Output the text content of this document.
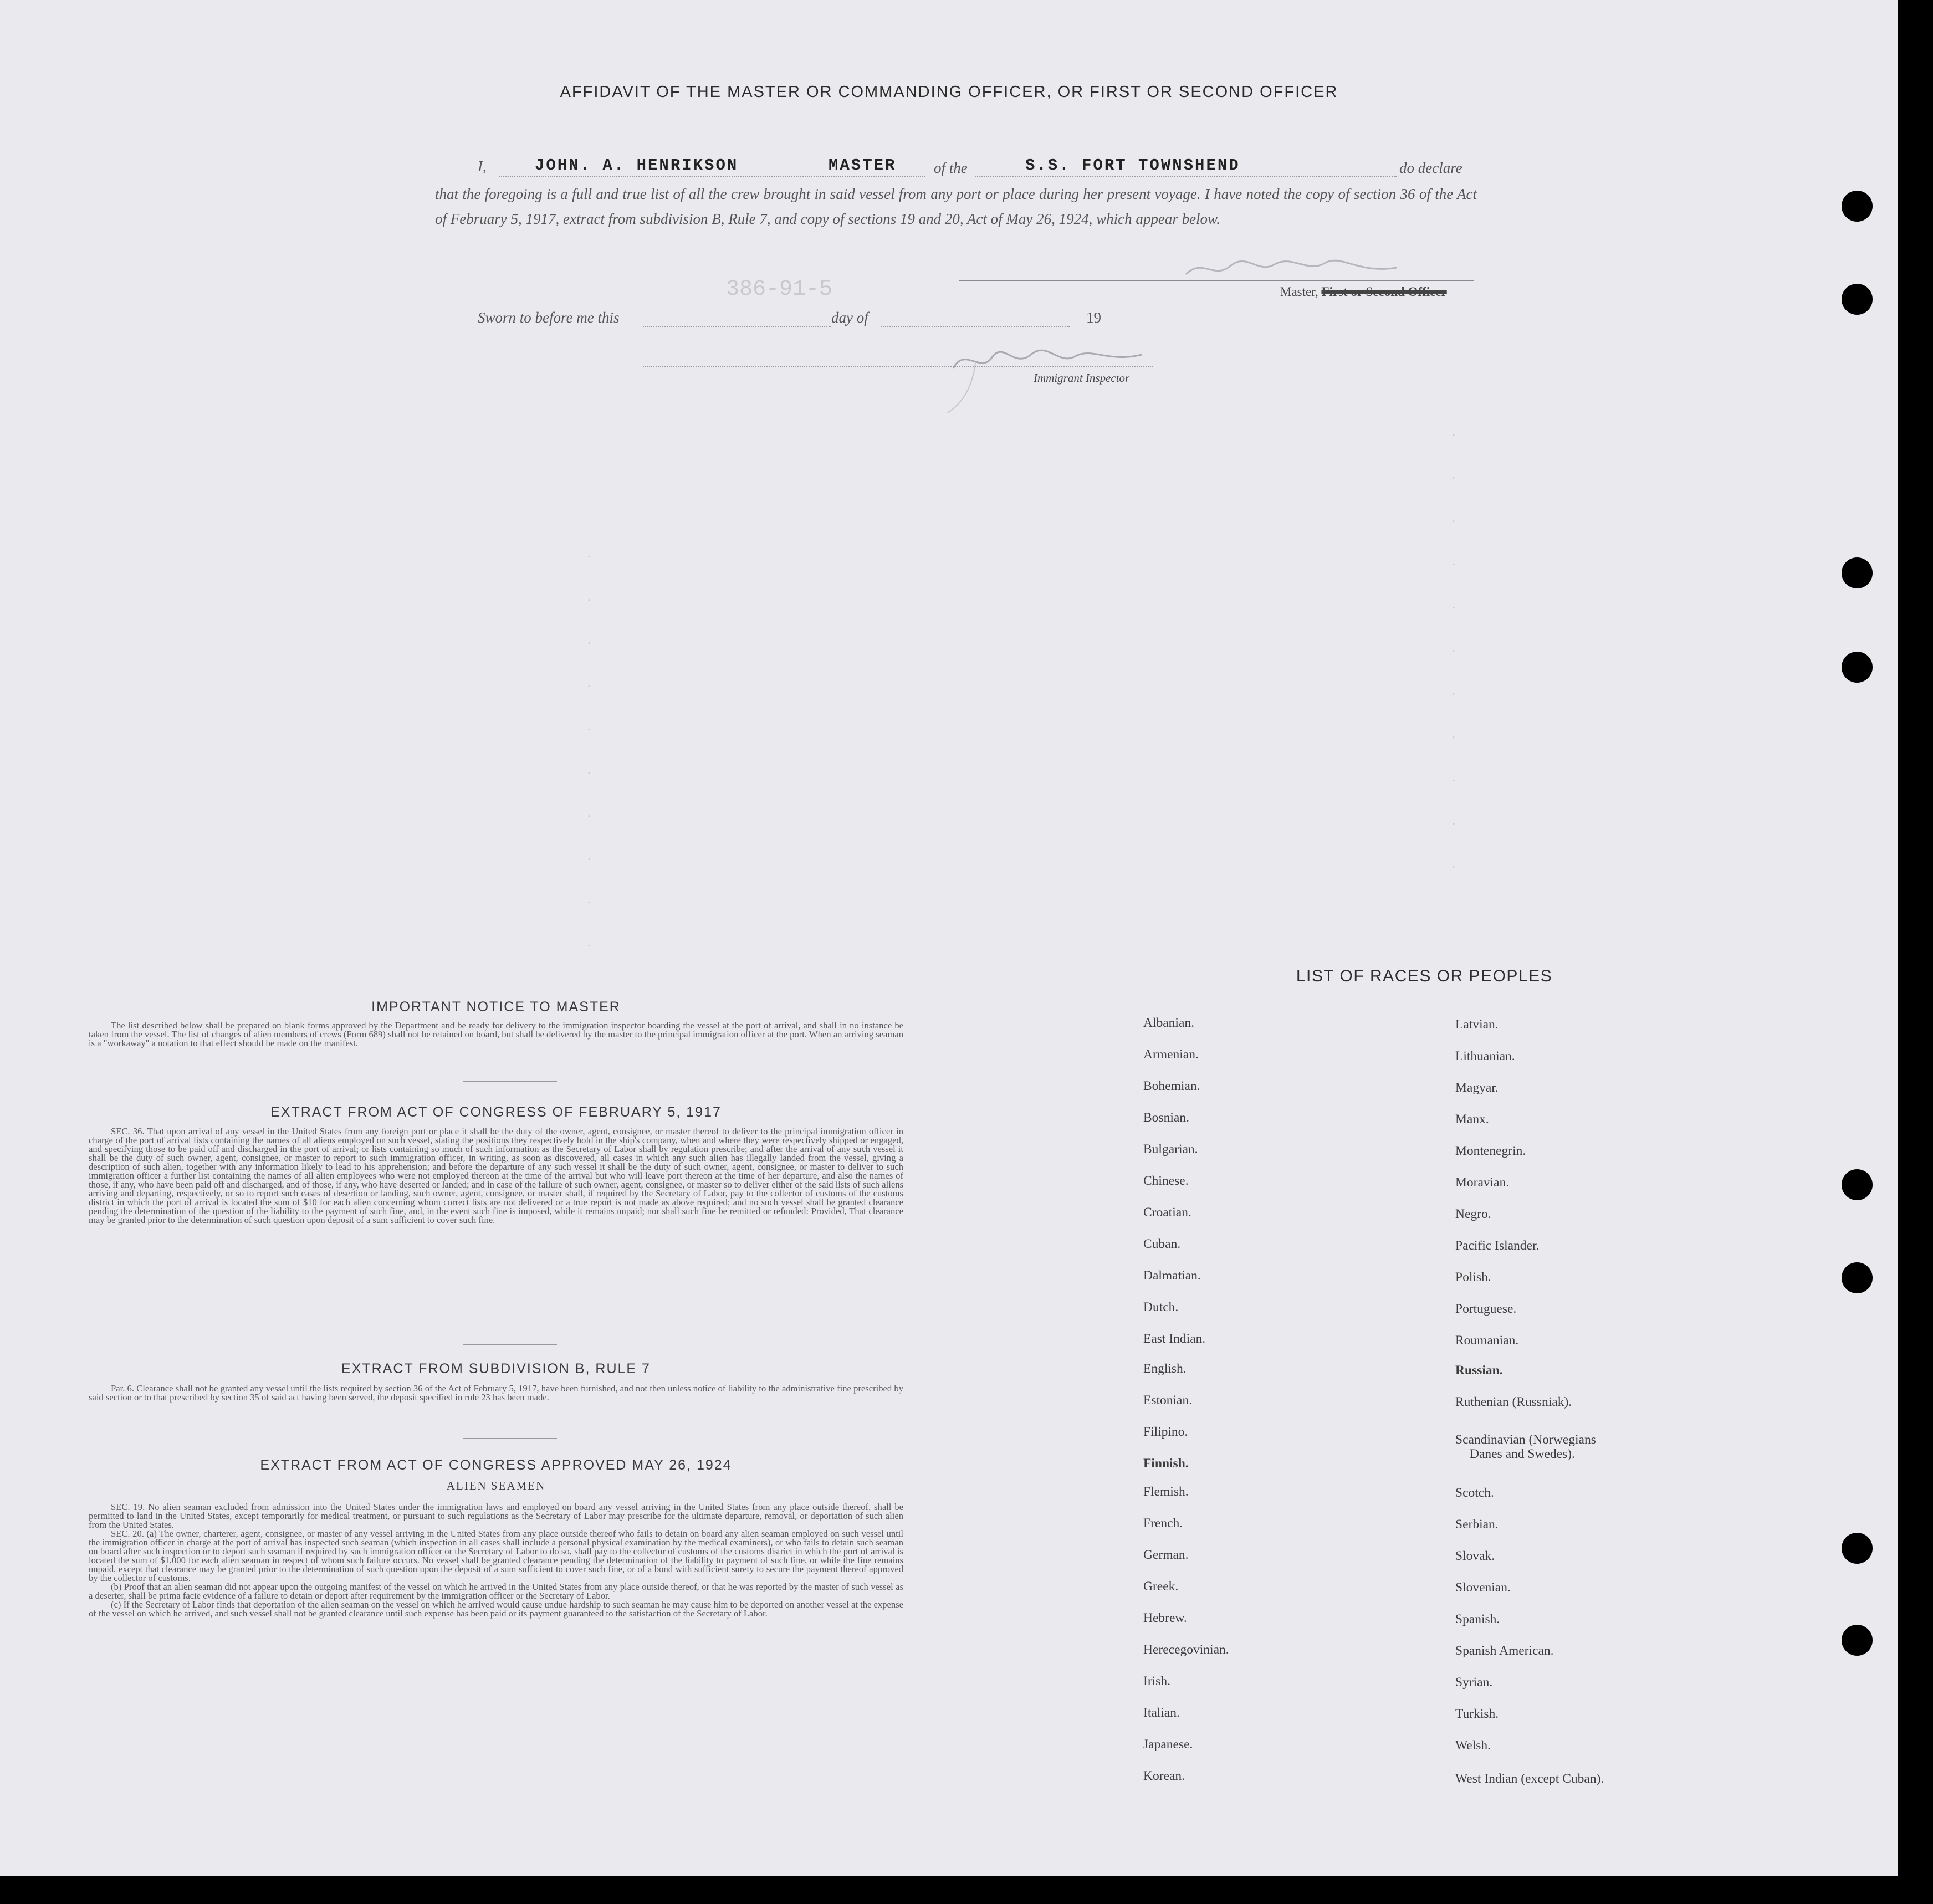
AFFIDAVIT OF THE MASTER OR COMMANDING OFFICER, OR FIRST OR SECOND OFFICER
I,	JOHN. A. HENRIKSON	MASTER	of the	S.S. FORT TOWNSHEND	do declare
that the foregoing is a full and true list of all the crew brought in said vessel from any port or place during her present voyage. I have noted the copy of section 36 of the Act of February 5, 1917, extract from subdivision B, Rule 7, and copy of sections 19 and 20, Act of May 26, 1924, which appear below.
Master, First or Second Officer
Sworn to before me this	day of	19
Immigrant Inspector
386-91-5
.
.
.
.
.
.
.
.
.
.
.
.
.
.
.
.
.
.
.
.
.
IMPORTANT NOTICE TO MASTER

The list described below shall be prepared on blank forms approved by the Department and be ready for delivery to the immigration inspector boarding the vessel at the port of arrival, and shall in no instance be taken from the vessel. The list of changes of alien members of crews (Form 689) shall not be retained on board, but shall be delivered by the master to the principal immigration officer at the port. When an arriving seaman is a "workaway" a notation to that effect should be made on the manifest.

EXTRACT FROM ACT OF CONGRESS OF FEBRUARY 5, 1917

SEC. 36. That upon arrival of any vessel in the United States from any foreign port or place it shall be the duty of the owner, agent, consignee, or master thereof to deliver to the principal immigration officer in charge of the port of arrival lists containing the names of all aliens employed on such vessel, stating the positions they respectively hold in the ship's company, when and where they were respectively shipped or engaged, and specifying those to be paid off and discharged in the port of arrival; or lists containing so much of such information as the Secretary of Labor shall by regulation prescribe; and after the arrival of any such vessel it shall be the duty of such owner, agent, consignee, or master to report to such immigration officer, in writing, as soon as discovered, all cases in which any such alien has illegally landed from the vessel, giving a description of such alien, together with any information likely to lead to his apprehension; and before the departure of any such vessel it shall be the duty of such owner, agent, consignee, or master to deliver to such immigration officer a further list containing the names of all alien employees who were not employed thereon at the time of the arrival but who will leave port thereon at the time of her departure, and also the names of those, if any, who have been paid off and discharged, and of those, if any, who have deserted or landed; and in case of the failure of such owner, agent, consignee, or master so to deliver either of the said lists of such aliens arriving and departing, respectively, or so to report such cases of desertion or landing, such owner, agent, consignee, or master shall, if required by the Secretary of Labor, pay to the collector of customs of the customs district in which the port of arrival is located the sum of $10 for each alien concerning whom correct lists are not delivered or a true report is not made as above required; and no such vessel shall be granted clearance pending the determination of the question of the liability to the payment of such fine, and, in the event such fine is imposed, while it remains unpaid; nor shall such fine be remitted or refunded: Provided, That clearance may be granted prior to the determination of such question upon deposit of a sum sufficient to cover such fine.

EXTRACT FROM SUBDIVISION B, RULE 7

Par. 6. Clearance shall not be granted any vessel until the lists required by section 36 of the Act of February 5, 1917, have been furnished, and not then unless notice of liability to the administrative fine prescribed by said section or to that prescribed by section 35 of said act having been served, the deposit specified in rule 23 has been made.

EXTRACT FROM ACT OF CONGRESS APPROVED MAY 26, 1924
ALIEN SEAMEN

SEC. 19. No alien seaman excluded from admission into the United States under the immigration laws and employed on board any vessel arriving in the United States from any place outside thereof, shall be permitted to land in the United States, except temporarily for medical treatment, or pursuant to such regulations as the Secretary of Labor may prescribe for the ultimate departure, removal, or deportation of such alien from the United States.

SEC. 20. (a) The owner, charterer, agent, consignee, or master of any vessel arriving in the United States from any place outside thereof who fails to detain on board any alien seaman employed on such vessel until the immigration officer in charge at the port of arrival has inspected such seaman (which inspection in all cases shall include a personal physical examination by the medical examiners), or who fails to detain such seaman on board after such inspection or to deport such seaman if required by such immigration officer or the Secretary of Labor to do so, shall pay to the collector of customs of the customs district in which the port of arrival is located the sum of $1,000 for each alien seaman in respect of whom such failure occurs. No vessel shall be granted clearance pending the determination of the liability to payment of such fine, or while the fine remains unpaid, except that clearance may be granted prior to the determination of such question upon the deposit of a sum sufficient to cover such fine, or of a bond with sufficient surety to secure the payment thereof approved by the collector of customs.

(b) Proof that an alien seaman did not appear upon the outgoing manifest of the vessel on which he arrived in the United States from any place outside thereof, or that he was reported by the master of such vessel as a deserter, shall be prima facie evidence of a failure to detain or deport after requirement by the immigration officer or the Secretary of Labor.

(c) If the Secretary of Labor finds that deportation of the alien seaman on the vessel on which he arrived would cause undue hardship to such seaman he may cause him to be deported on another vessel at the expense of the vessel on which he arrived, and such vessel shall not be granted clearance until such expense has been paid or its payment guaranteed to the satisfaction of the Secretary of Labor.

LIST OF RACES OR PEOPLES
Albanian.
Armenian.
Bohemian.
Bosnian.
Bulgarian.
Chinese.
Croatian.
Cuban.
Dalmatian.
Dutch.
East Indian.
English.
Estonian.
Filipino.
Finnish.
Flemish.
French.
German.
Greek.
Hebrew.
Herecegovinian.
Irish.
Italian.
Japanese.
Korean.
Latvian.
Lithuanian.
Magyar.
Manx.
Montenegrin.
Moravian.
Negro.
Pacific Islander.
Polish.
Portuguese.
Roumanian.
Russian.
Ruthenian (Russniak).
Scandinavian (Norwegians
Danes and Swedes).
Scotch.
Serbian.
Slovak.
Slovenian.
Spanish.
Spanish American.
Syrian.
Turkish.
Welsh.
West Indian (except Cuban).
